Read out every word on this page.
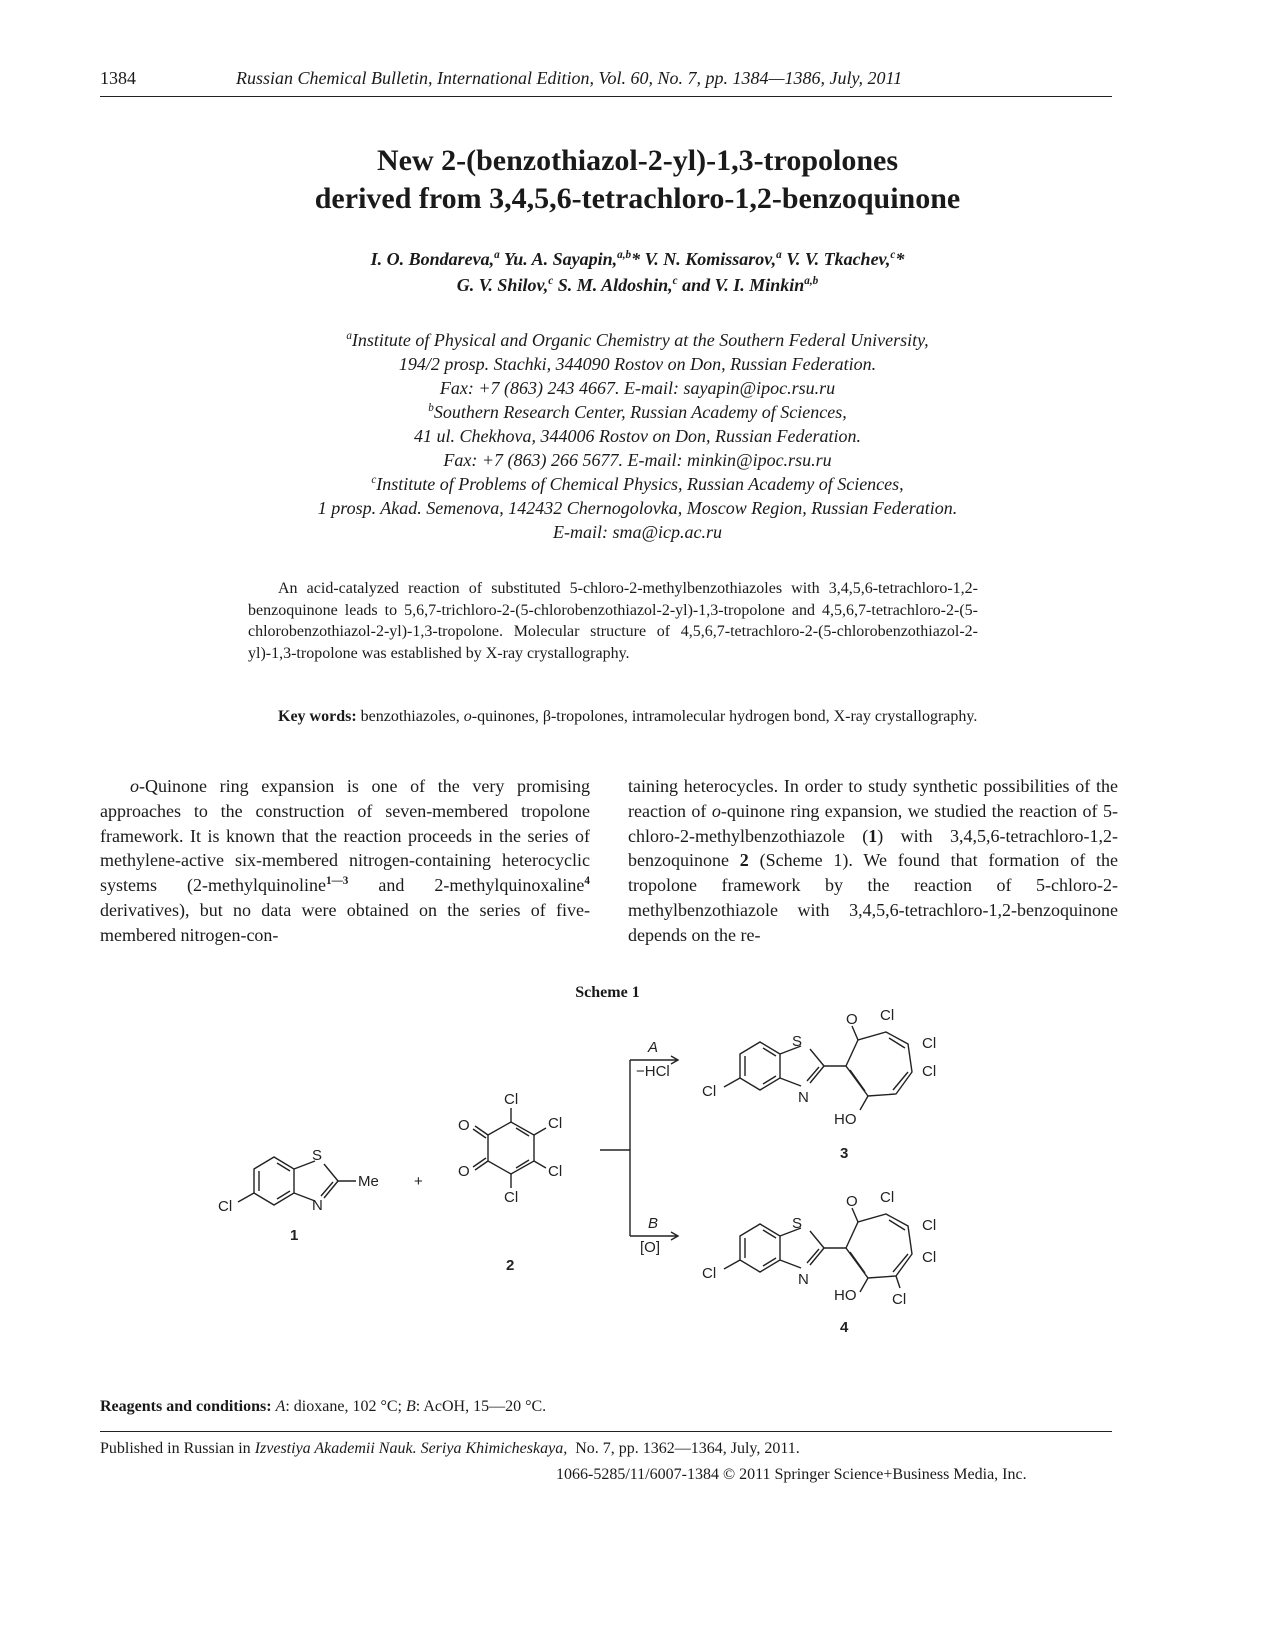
1384	Russian Chemical Bulletin, International Edition, Vol. 60, No. 7, pp. 1384—1386, July, 2011
New 2-(benzothiazol-2-yl)-1,3-tropolones
derived from 3,4,5,6-tetrachloro-1,2-benzoquinone
I. O. Bondareva,$^a$ Yu. A. Sayapin,$^{a,b}$* V. N. Komissarov,$^a$ V. V. Tkachev,$^c$*
G. V. Shilov,$^c$ S. M. Aldoshin,$^c$ and V. I. Minkin$^{a,b}$
$^a$Institute of Physical and Organic Chemistry at the Southern Federal University,
194/2 prosp. Stachki, 344090 Rostov on Don, Russian Federation.
Fax: +7 (863) 243 4667. E-mail: sayapin@ipoc.rsu.ru
$^b$Southern Research Center, Russian Academy of Sciences,
41 ul. Chekhova, 344006 Rostov on Don, Russian Federation.
Fax: +7 (863) 266 5677. E-mail: minkin@ipoc.rsu.ru
$^c$Institute of Problems of Chemical Physics, Russian Academy of Sciences,
1 prosp. Akad. Semenova, 142432 Chernogolovka, Moscow Region, Russian Federation.
E-mail: sma@icp.ac.ru
An acid-catalyzed reaction of substituted 5-chloro-2-methylbenzothiazoles with 3,4,5,6-tetrachloro-1,2-benzoquinone leads to 5,6,7-trichloro-2-(5-chlorobenzothiazol-2-yl)-1,3-tropolone and 4,5,6,7-tetrachloro-2-(5-chlorobenzothiazol-2-yl)-1,3-tropolone. Molecular structure of 4,5,6,7-tetrachloro-2-(5-chlorobenzothiazol-2-yl)-1,3-tropolone was established by X-ray crystallography.
Key words: benzothiazoles, o-quinones, β-tropolones, intramolecular hydrogen bond, X-ray crystallography.
o-Quinone ring expansion is one of the very promising approaches to the construction of seven-membered tropolone framework. It is known that the reaction proceeds in the series of methylene-active six-membered nitrogen-containing heterocyclic systems (2-methylquinoline$^{1—3}$ and 2-methylquinoxaline$^4$ derivatives), but no data were obtained on the series of five-membered nitrogen-con-
taining heterocycles. In order to study synthetic possibilities of the reaction of o-quinone ring expansion, we studied the reaction of 5-chloro-2-methylbenzothiazole (1) with 3,4,5,6-tetrachloro-1,2-benzoquinone 2 (Scheme 1). We found that formation of the tropolone framework by the reaction of 5-chloro-2-methylbenzothiazole with 3,4,5,6-tetrachloro-1,2-benzoquinone depends on the re-
Scheme 1
S
N
Me
Cl
1
+
O
O
Cl
Cl
Cl
Cl
2
A
−HCl
B
[O]
O
S
N
Cl
Cl
Cl
Cl
HO
3
O
S
N
Cl
Cl
Cl
Cl
Cl
HO
4
Reagents and conditions: A: dioxane, 102 °C; B: AcOH, 15—20 °C.
Published in Russian in Izvestiya Akademii Nauk. Seriya Khimicheskaya,  No. 7, pp. 1362—1364, July, 2011.
1066-5285/11/6007-1384 © 2011 Springer Science+Business Media, Inc.
